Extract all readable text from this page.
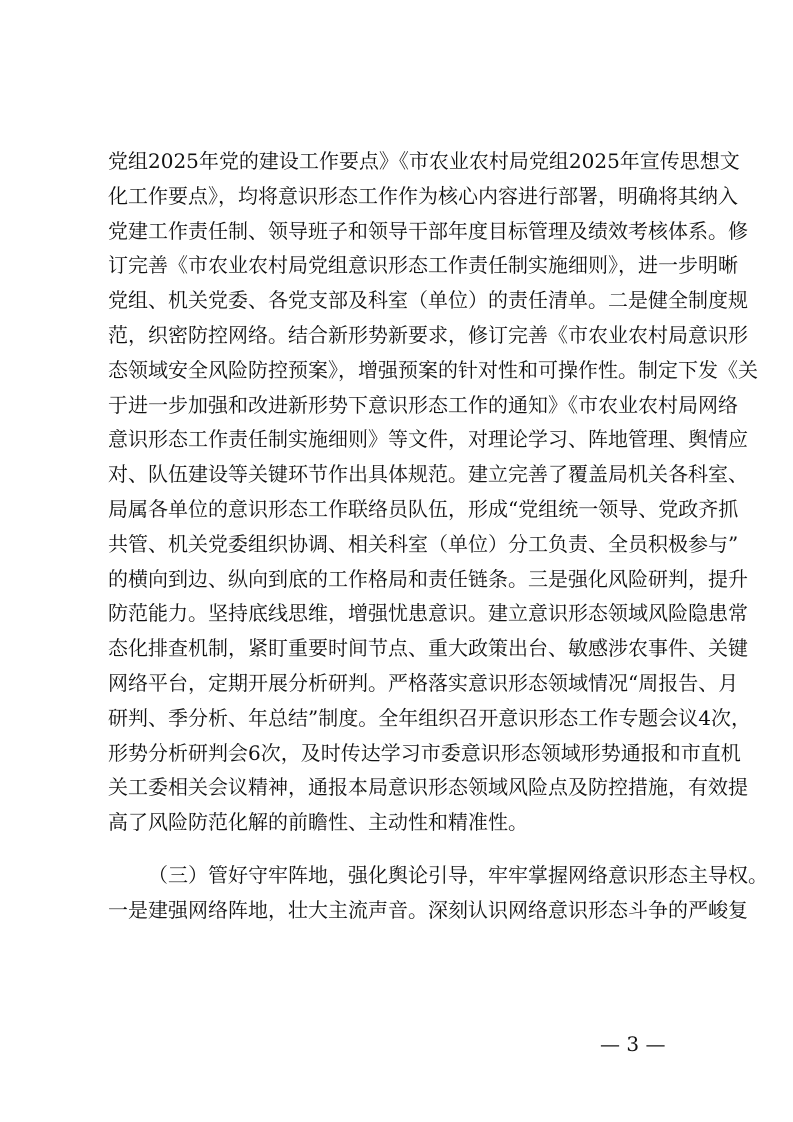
党组2025年党的建设工作要点》《市农业农村局党组2025年宣传思想文
化工作要点》，均将意识形态工作作为核心内容进行部署，明确将其纳入
党建工作责任制、领导班子和领导干部年度目标管理及绩效考核体系。修
订完善《市农业农村局党组意识形态工作责任制实施细则》，进一步明晰
党组、机关党委、各党支部及科室（单位）的责任清单。二是健全制度规
范，织密防控网络。结合新形势新要求，修订完善《市农业农村局意识形
态领域安全风险防控预案》，增强预案的针对性和可操作性。制定下发《关
于进一步加强和改进新形势下意识形态工作的通知》《市农业农村局网络
意识形态工作责任制实施细则》等文件，对理论学习、阵地管理、舆情应
对、队伍建设等关键环节作出具体规范。建立完善了覆盖局机关各科室、
局属各单位的意识形态工作联络员队伍，形成“党组统一领导、党政齐抓
共管、机关党委组织协调、相关科室（单位）分工负责、全员积极参与”
的横向到边、纵向到底的工作格局和责任链条。三是强化风险研判，提升
防范能力。坚持底线思维，增强忧患意识。建立意识形态领域风险隐患常
态化排查机制，紧盯重要时间节点、重大政策出台、敏感涉农事件、关键
网络平台，定期开展分析研判。严格落实意识形态领域情况“周报告、月
研判、季分析、年总结”制度。全年组织召开意识形态工作专题会议4次，
形势分析研判会6次，及时传达学习市委意识形态领域形势通报和市直机
关工委相关会议精神，通报本局意识形态领域风险点及防控措施，有效提
高了风险防范化解的前瞻性、主动性和精准性。
（三）管好守牢阵地，强化舆论引导，牢牢掌握网络意识形态主导权。
一是建强网络阵地，壮大主流声音。深刻认识网络意识形态斗争的严峻复
— 3 —
